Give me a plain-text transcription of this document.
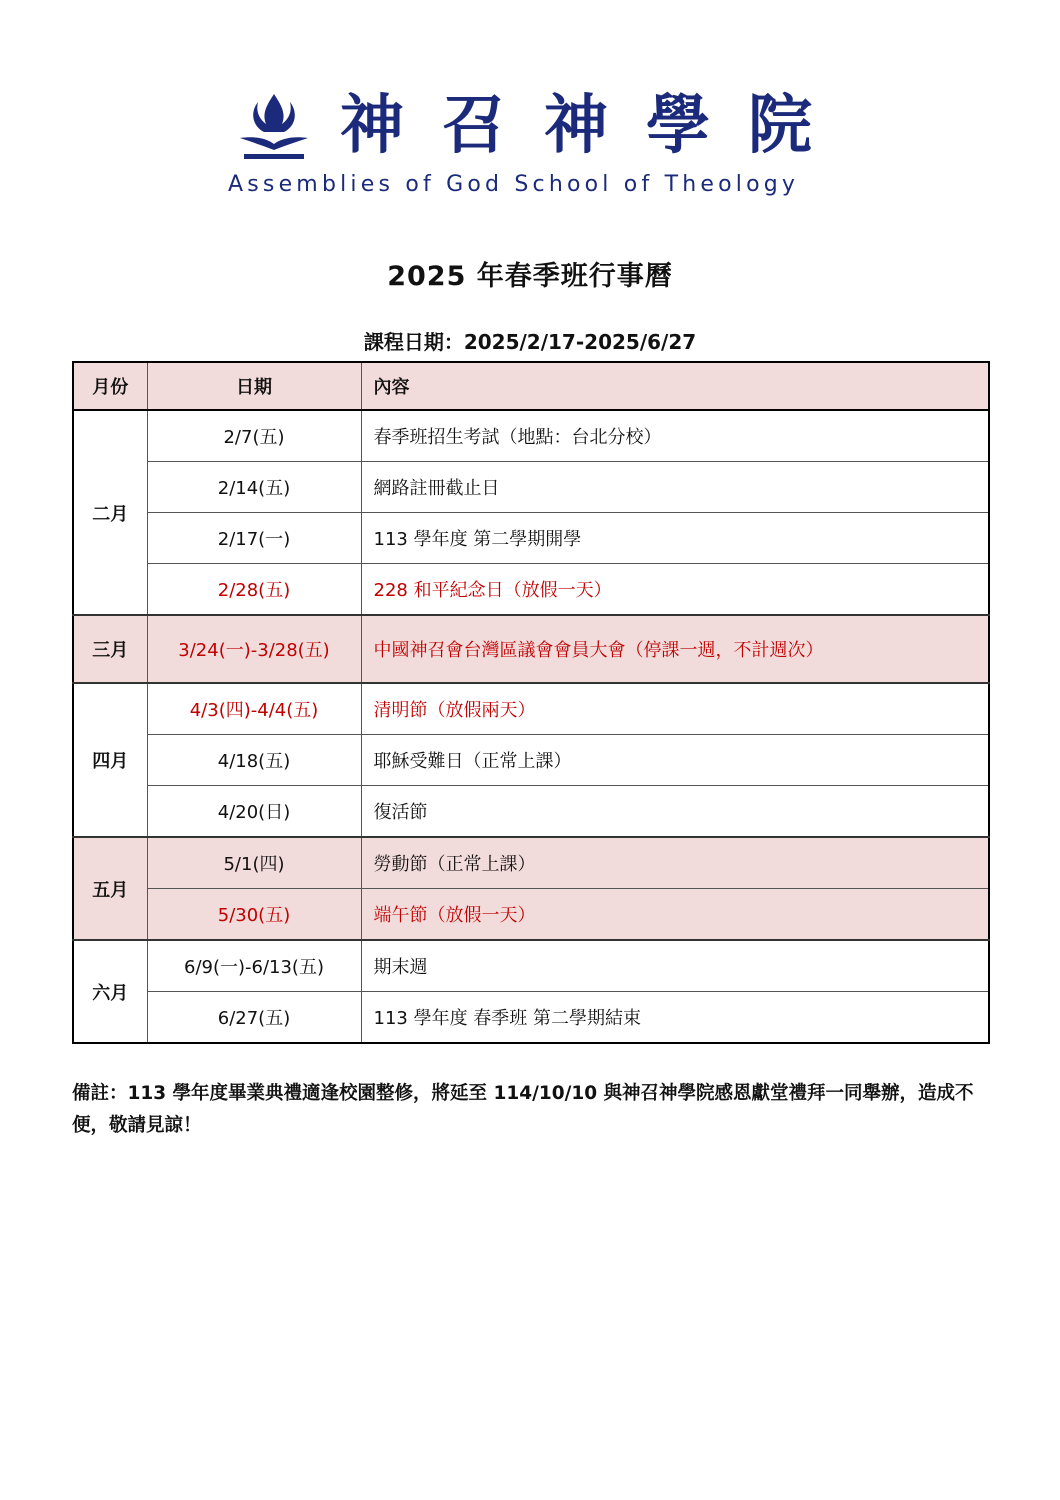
神召神學院
Assemblies of God School of Theology
2025 年春季班行事曆
課程日期：2025/2/17-2025/6/27
月份	日期	內容
二月	2/7(五)	春季班招生考試（地點：台北分校）
	2/14(五)	網路註冊截止日
	2/17(一)	113 學年度 第二學期開學
	2/28(五)	228 和平紀念日（放假一天）
三月	3/24(一)-3/28(五)	中國神召會台灣區議會會員大會（停課一週，不計週次）
四月	4/3(四)-4/4(五)	清明節（放假兩天）
	4/18(五)	耶穌受難日（正常上課）
	4/20(日)	復活節
五月	5/1(四)	勞動節（正常上課）
	5/30(五)	端午節（放假一天）
六月	6/9(一)-6/13(五)	期末週
	6/27(五)	113 學年度 春季班 第二學期結束
備註：113 學年度畢業典禮適逢校園整修，將延至 114/10/10 與神召神學院感恩獻堂禮拜一同舉辦，造成不便，敬請見諒！
